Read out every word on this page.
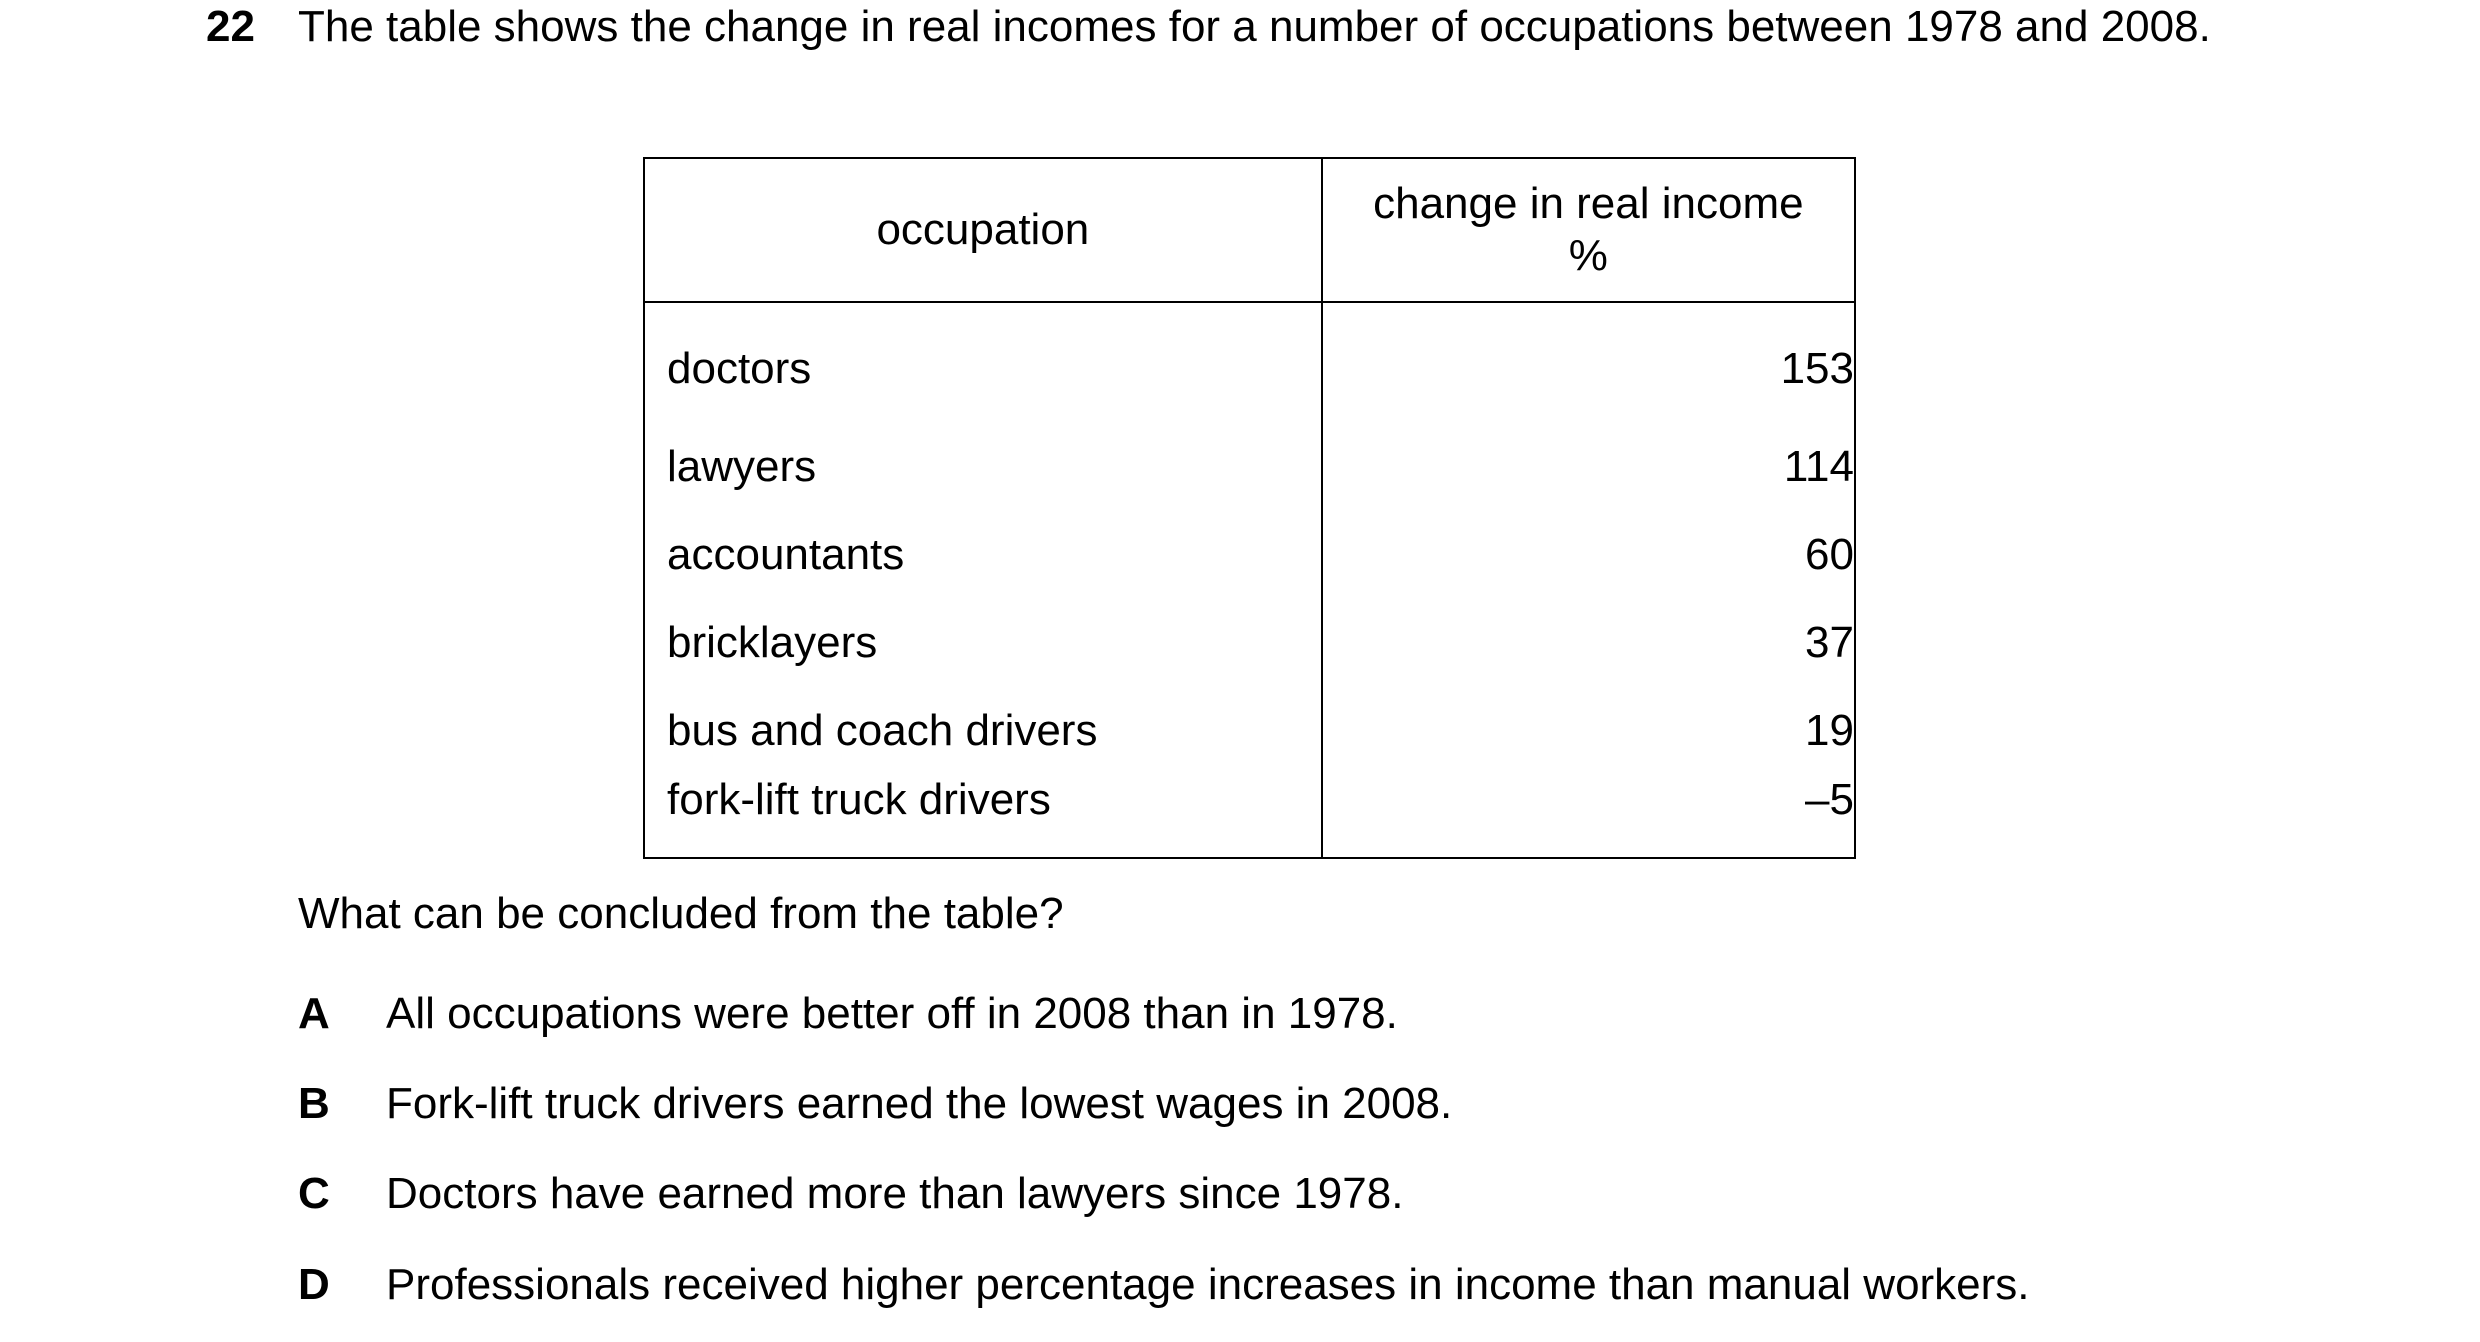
22 The table shows the change in real incomes for a number of occupations between 1978 and 2008.
occupation	change in real income
%
doctors	153
lawyers	114
accountants	60
bricklayers	37
bus and coach drivers	19
fork-lift truck drivers	–5
What can be concluded from the table?
A All occupations were better off in 2008 than in 1978.
B Fork-lift truck drivers earned the lowest wages in 2008.
C Doctors have earned more than lawyers since 1978.
D Professionals received higher percentage increases in income than manual workers.
